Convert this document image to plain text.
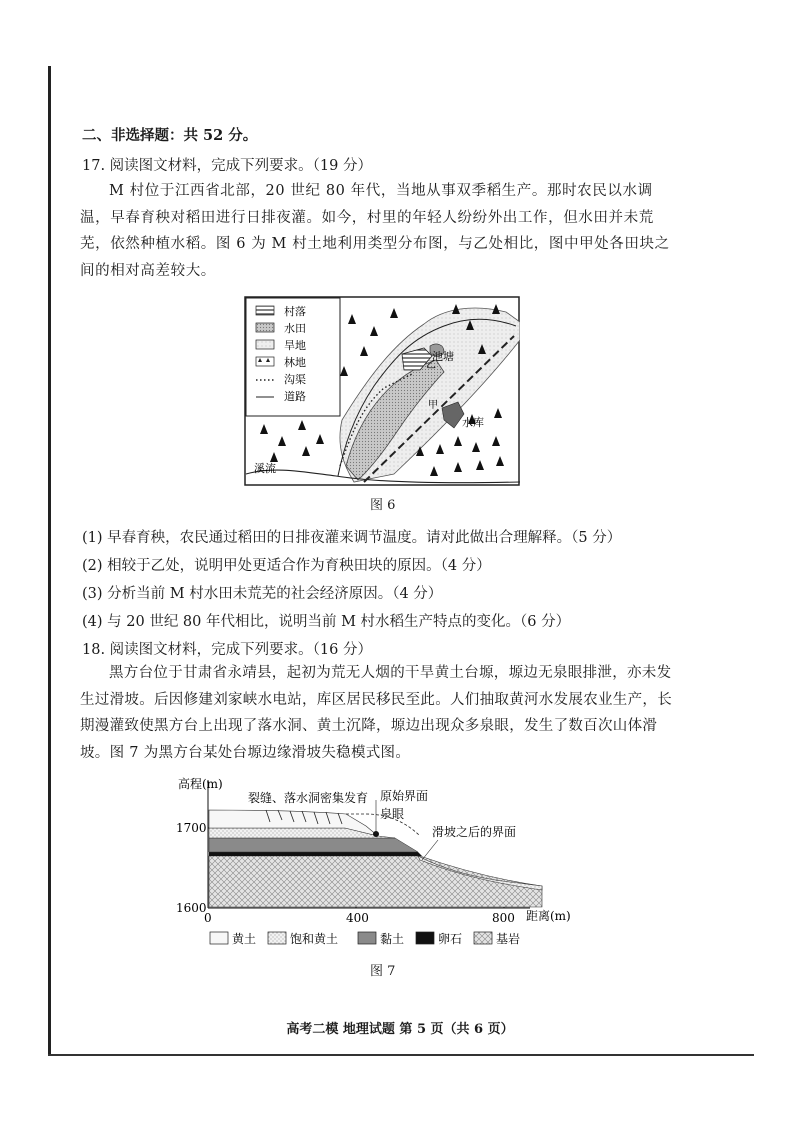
二、非选择题：共 52 分。
17. 阅读图文材料，完成下列要求。（19 分）
M 村位于江西省北部，20 世纪 80 年代，当地从事双季稻生产。那时农民以水调温，早春育秧对稻田进行日排夜灌。如今，村里的年轻人纷纷外出工作，但水田并未荒芜，依然种植水稻。图 6 为 M 村土地利用类型分布图，与乙处相比，图中甲处各田块之间的相对高差较大。
村落
水田
旱地
林地
沟渠
道路
池塘
水库
溪流
甲
乙
图 6
(1) 早春育秧，农民通过稻田的日排夜灌来调节温度。请对此做出合理解释。（5 分）
(2) 相较于乙处，说明甲处更适合作为育秧田块的原因。（4 分）
(3) 分析当前 M 村水田未荒芜的社会经济原因。（4 分）
(4) 与 20 世纪 80 年代相比，说明当前 M 村水稻生产特点的变化。（6 分）
18. 阅读图文材料，完成下列要求。（16 分）
黑方台位于甘肃省永靖县，起初为荒无人烟的干旱黄土台塬，塬边无泉眼排泄，亦未发生过滑坡。后因修建刘家峡水电站，库区居民移民至此。人们抽取黄河水发展农业生产，长期漫灌致使黑方台上出现了落水洞、黄土沉降，塬边出现众多泉眼，发生了数百次山体滑坡。图 7 为黑方台某处台塬边缘滑坡失稳模式图。
高程(m)
1700
1600
0	400	800 距离(m)
裂缝、落水洞密集发育 原始界面
泉眼
滑坡之后的界面
黄土	饱和黄土	黏土	卵石	基岩
图 7
高考二模 地理试题 第 5 页（共 6 页）
